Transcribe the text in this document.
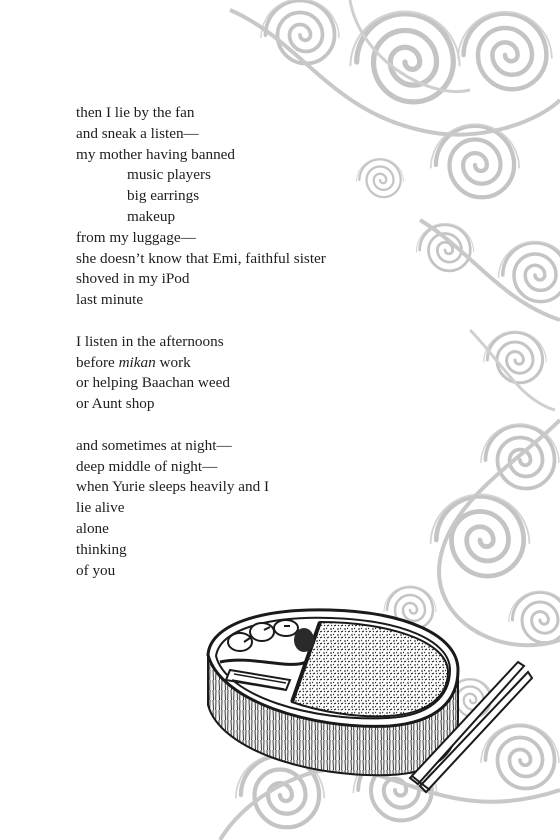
then I lie by the fan
and sneak a listen—
my mother having banned
music players
big earrings
makeup
from my luggage—
she doesn’t know that Emi, faithful sister
shoved in my iPod
last minute
I listen in the afternoons
before mikan work
or helping Baachan weed
or Aunt shop
and sometimes at night—
deep middle of night—
when Yurie sleeps heavily and I
lie alive
alone
thinking
of you
